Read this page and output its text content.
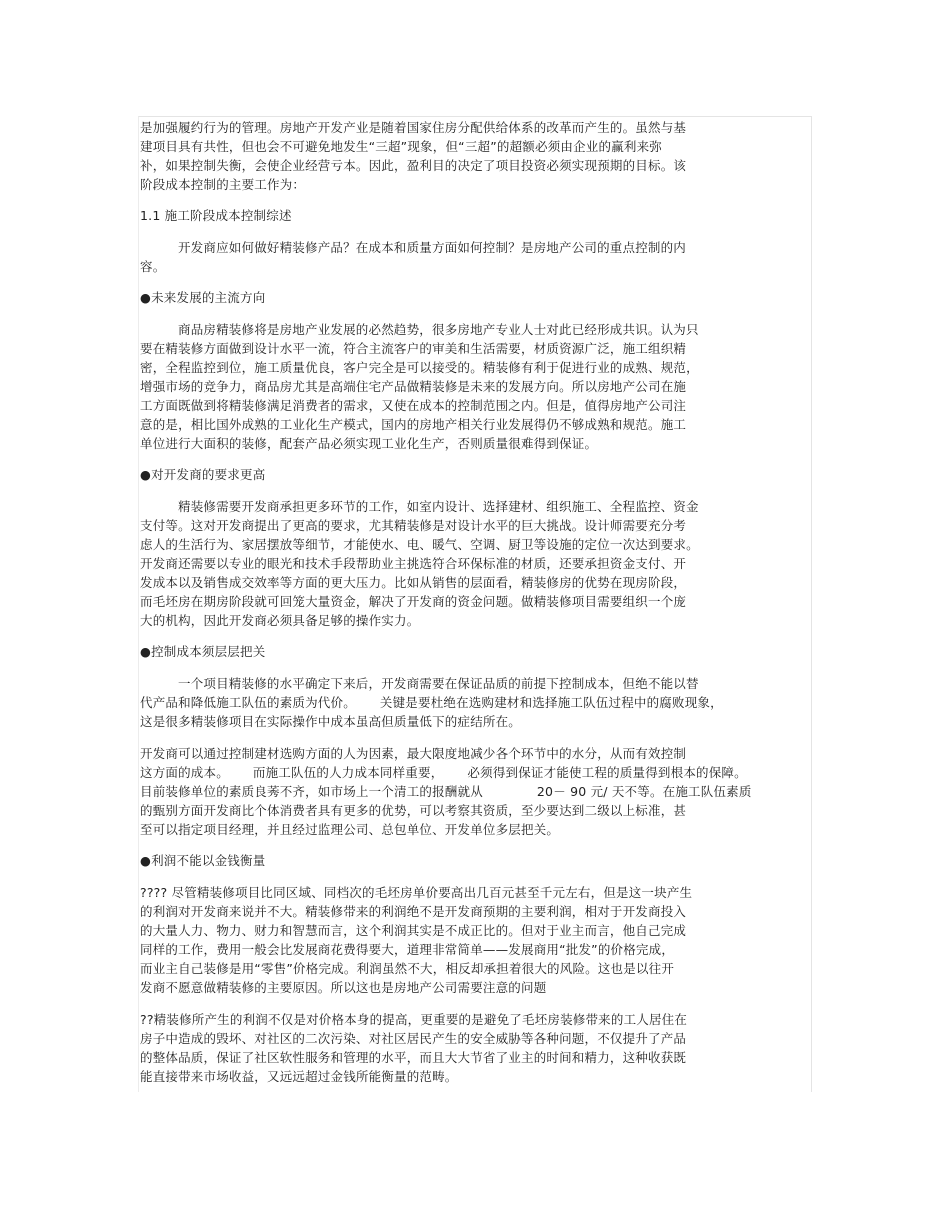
是加强履约行为的管理。房地产开发产业是随着国家住房分配供给体系的改革而产生的。虽然与基
建项目具有共性，但也会不可避免地发生“三超”现象，但“三超”的超额必须由企业的赢利来弥
补，如果控制失衡，会使企业经营亏本。因此，盈利目的决定了项目投资必须实现预期的目标。该
阶段成本控制的主要工作为：
1.1 施工阶段成本控制综述
开发商应如何做好精装修产品？在成本和质量方面如何控制？是房地产公司的重点控制的内
容。
●未来发展的主流方向
商品房精装修将是房地产业发展的必然趋势，很多房地产专业人士对此已经形成共识。认为只
要在精装修方面做到设计水平一流，符合主流客户的审美和生活需要，材质资源广泛，施工组织精
密，全程监控到位，施工质量优良，客户完全是可以接受的。精装修有利于促进行业的成熟、规范，
增强市场的竞争力，商品房尤其是高端住宅产品做精装修是未来的发展方向。所以房地产公司在施
工方面既做到将精装修满足消费者的需求，又使在成本的控制范围之内。但是，值得房地产公司注
意的是，相比国外成熟的工业化生产模式，国内的房地产相关行业发展得仍不够成熟和规范。施工
单位进行大面积的装修，配套产品必须实现工业化生产，否则质量很难得到保证。
●对开发商的要求更高
精装修需要开发商承担更多环节的工作，如室内设计、选择建材、组织施工、全程监控、资金
支付等。这对开发商提出了更高的要求，尤其精装修是对设计水平的巨大挑战。设计师需要充分考
虑人的生活行为、家居摆放等细节，才能使水、电、暖气、空调、厨卫等设施的定位一次达到要求。
开发商还需要以专业的眼光和技术手段帮助业主挑选符合环保标准的材质，还要承担资金支付、开
发成本以及销售成交效率等方面的更大压力。比如从销售的层面看，精装修房的优势在现房阶段，
而毛坯房在期房阶段就可回笼大量资金，解决了开发商的资金问题。做精装修项目需要组织一个庞
大的机构，因此开发商必须具备足够的操作实力。
●控制成本须层层把关
一个项目精装修的水平确定下来后，开发商需要在保证品质的前提下控制成本，但绝不能以替
代产品和降低施工队伍的素质为代价。 关键是要杜绝在选购建材和选择施工队伍过程中的腐败现象，
这是很多精装修项目在实际操作中成本虽高但质量低下的症结所在。
开发商可以通过控制建材选购方面的人为因素，最大限度地减少各个环节中的水分，从而有效控制
这方面的成本。 而施工队伍的人力成本同样重要， 必须得到保证才能使工程的质量得到根本的保障。
目前装修单位的素质良莠不齐，如市场上一个清工的报酬就从	20－ 90 元/ 天不等。在施工队伍素质
的甄别方面开发商比个体消费者具有更多的优势，可以考察其资质，至少要达到二级以上标准，甚
至可以指定项目经理，并且经过监理公司、总包单位、开发单位多层把关。
●利润不能以金钱衡量
???? 尽管精装修项目比同区域、同档次的毛坯房单价要高出几百元甚至千元左右，但是这一块产生
的利润对开发商来说并不大。精装修带来的利润绝不是开发商预期的主要利润，相对于开发商投入
的大量人力、物力、财力和智慧而言，这个利润其实是不成正比的。但对于业主而言，他自己完成
同样的工作，费用一般会比发展商花费得要大，道理非常简单——发展商用“批发”的价格完成，
而业主自己装修是用“零售”价格完成。利润虽然不大，相反却承担着很大的风险。这也是以往开
发商不愿意做精装修的主要原因。所以这也是房地产公司需要注意的问题
??精装修所产生的利润不仅是对价格本身的提高，更重要的是避免了毛坯房装修带来的工人居住在
房子中造成的毁坏、对社区的二次污染、对社区居民产生的安全威胁等各种问题，不仅提升了产品
的整体品质，保证了社区软性服务和管理的水平，而且大大节省了业主的时间和精力，这种收获既
能直接带来市场收益，又远远超过金钱所能衡量的范畴。
